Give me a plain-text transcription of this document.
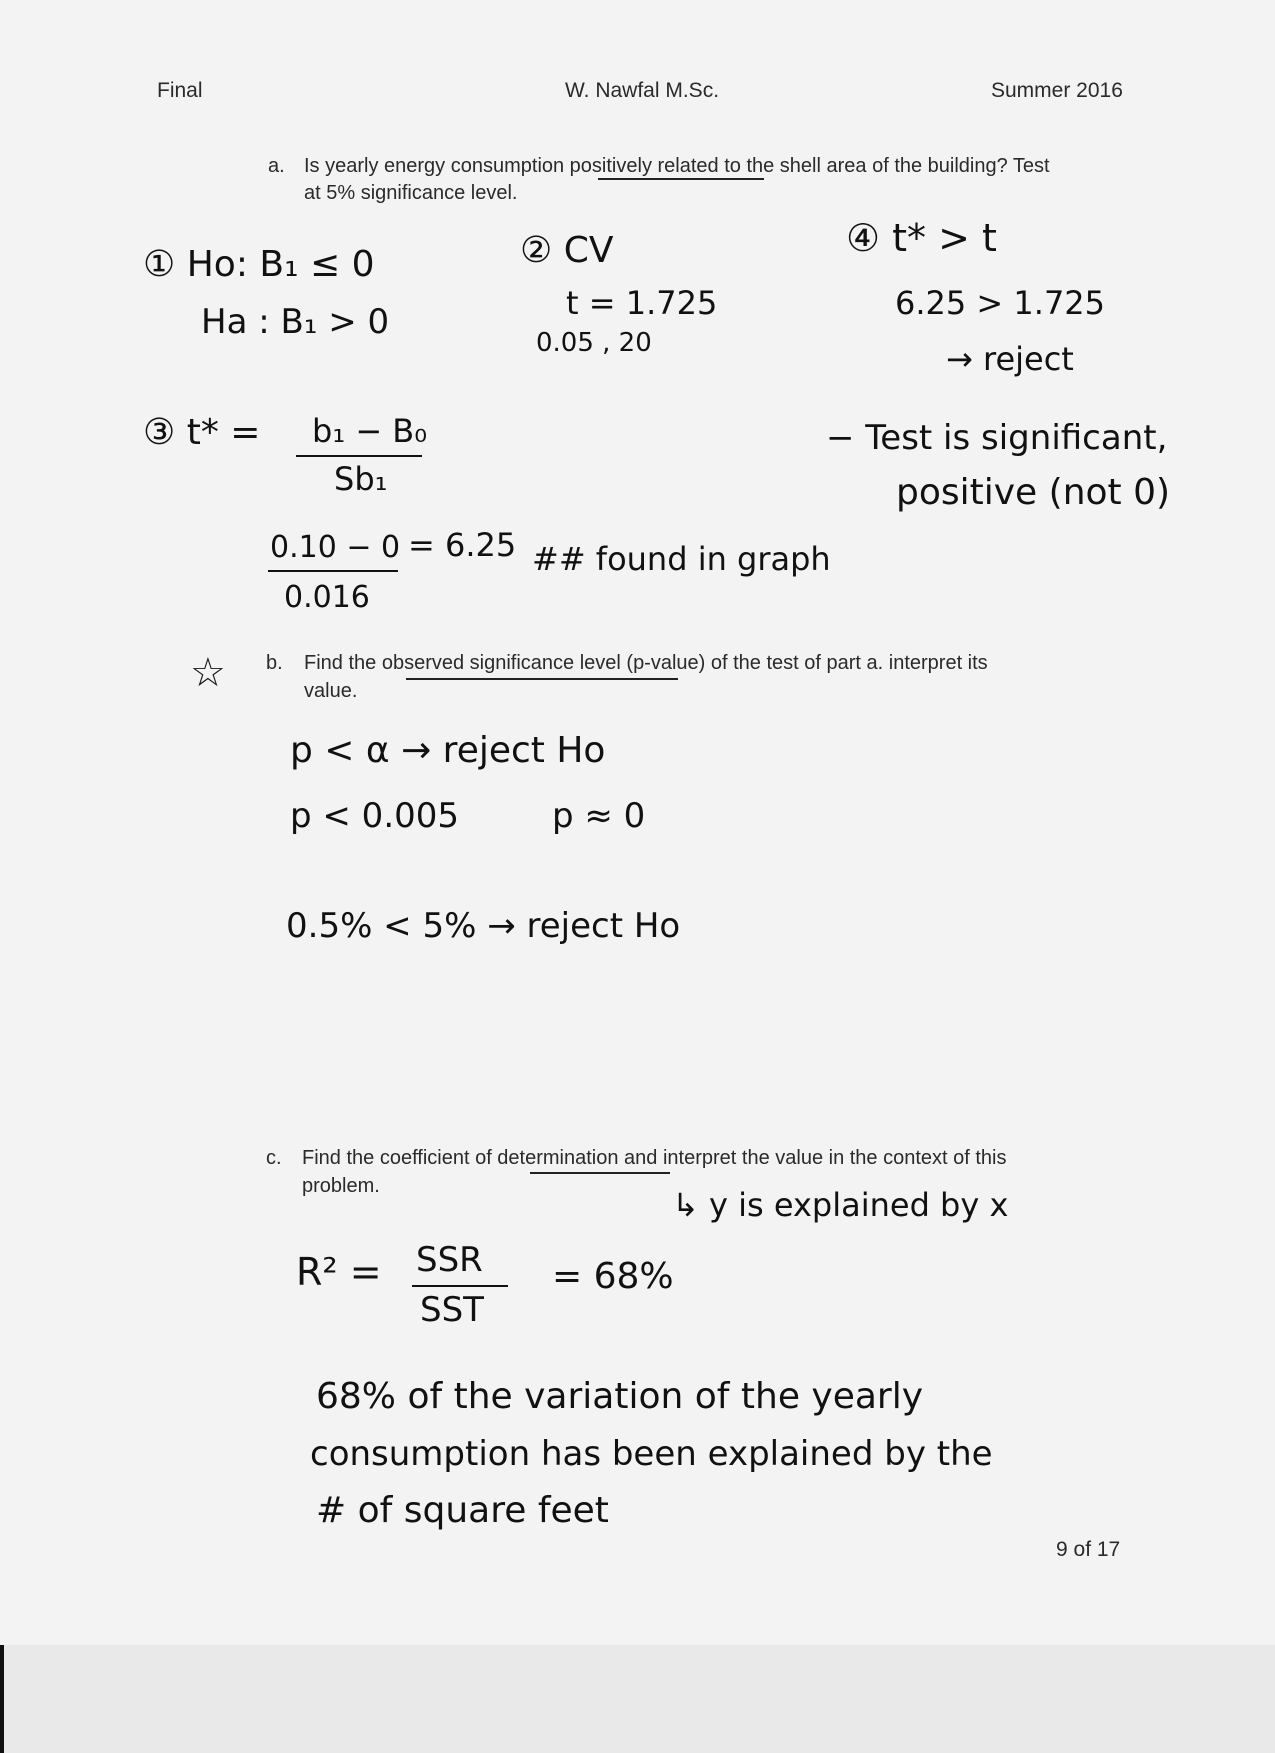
Final	W. Nawfal M.Sc.	Summer 2016
a. Is yearly energy consumption positively related to the shell area of the building? Test
at 5% significance level.
① Ho: B₁ ≤ 0
Ha : B₁ > 0
② CV
t = 1.725
0.05 , 20
④ t* > t
6.25 > 1.725
→ reject
③ t* = b₁ − B₀
Sb₁
− Test is significant,
positive (not 0)
0.10 − 0
0.016
= 6.25 ## found in graph
☆ b. Find the observed significance level (p-value) of the test of part a. interpret its
value.
p < α → reject Ho
p < 0.005	p ≈ 0
0.5% < 5% → reject Ho
c. Find the coefficient of determination and interpret the value in the context of this
problem.	↳ y is explained by x
R² = SSR
SST
= 68%
68% of the variation of the yearly
consumption has been explained by the
# of square feet
9 of 17
